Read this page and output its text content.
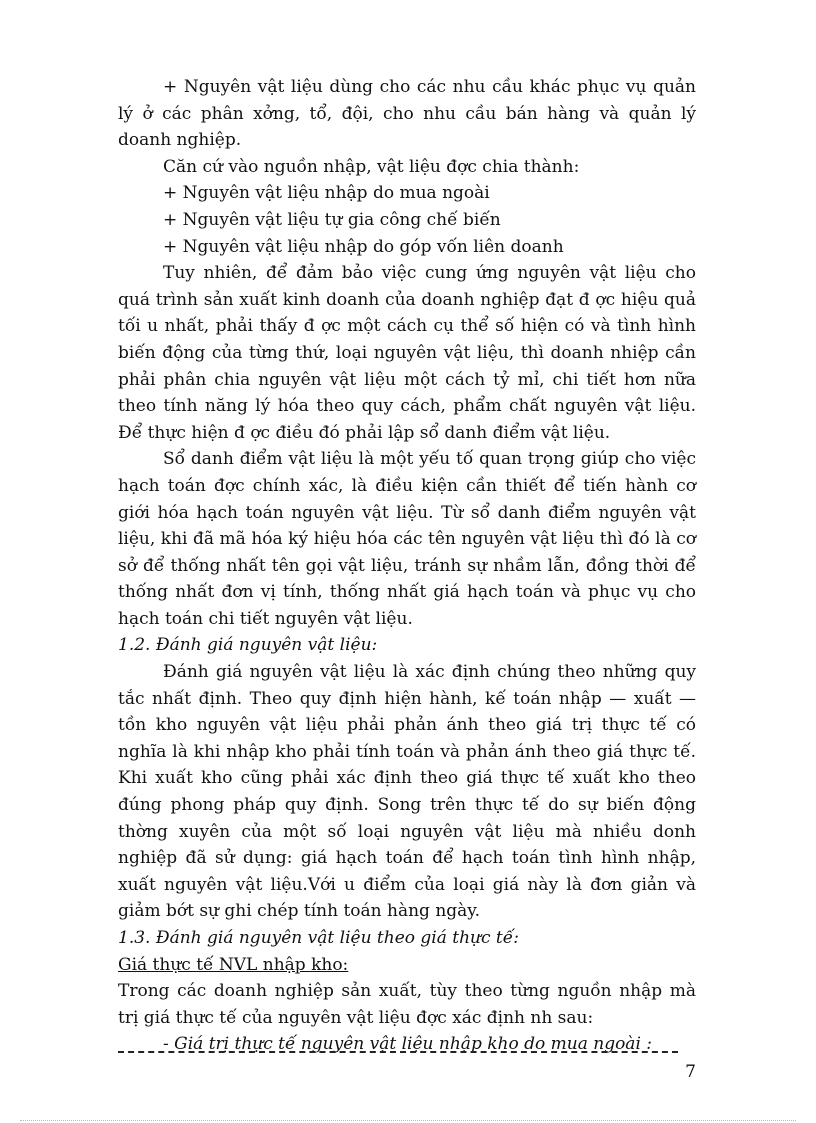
+ Nguyên vật liệu dùng cho các nhu cầu khác phục vụ quản lý ở các phân xởng, tổ, đội, cho nhu cầu bán hàng và quản lý doanh nghiệp.

Căn cứ vào nguồn nhập, vật liệu đợc chia thành:

+ Nguyên vật liệu nhập do mua ngoài

+ Nguyên vật liệu tự gia công chế biến

+ Nguyên vật liệu nhập do góp vốn liên doanh

Tuy nhiên, để đảm bảo việc cung ứng nguyên vật liệu cho quá trình sản xuất kinh doanh của doanh nghiệp đạt đ ợc hiệu quả tối u nhất, phải thấy đ ợc một cách cụ thể số hiện có và tình hình biến động của từng thứ, loại nguyên vật liệu, thì doanh nhiệp cần phải phân chia nguyên vật liệu một cách tỷ mỉ, chi tiết hơn nữa theo tính năng lý hóa theo quy cách, phẩm chất nguyên vật liệu. Để thực hiện đ ợc điều đó phải lập sổ danh điểm vật liệu.

Sổ danh điểm vật liệu là một yếu tố quan trọng giúp cho việc hạch toán đợc chính xác, là điều kiện cần thiết để tiến hành cơ giới hóa hạch toán nguyên vật liệu. Từ sổ danh điểm nguyên vật liệu, khi đã mã hóa ký hiệu hóa các tên nguyên vật liệu thì đó là cơ sở để thống nhất tên gọi vật liệu, tránh sự nhầm lẫn, đồng thời để thống nhất đơn vị tính, thống nhất giá hạch toán và phục vụ cho hạch toán chi tiết nguyên vật liệu.

1.2. Đánh giá nguyên vật liệu:

Đánh giá nguyên vật liệu là xác định chúng theo những quy tắc nhất định. Theo quy định hiện hành, kế toán nhập — xuất — tồn kho nguyên vật liệu phải phản ánh theo giá trị thực tế có nghĩa là khi nhập kho phải tính toán và phản ánh theo giá thực tế. Khi xuất kho cũng phải xác định theo giá thực tế xuất kho theo đúng phong pháp quy định. Song trên thực tế do sự biến động thờng xuyên của một số loại nguyên vật liệu mà nhiều donh nghiệp đã sử dụng: giá hạch toán để hạch toán tình hình nhập, xuất nguyên vật liệu.Với u điểm của loại giá này là đơn giản và giảm bớt sự ghi chép tính toán hàng ngày.

1.3. Đánh giá nguyên vật liệu theo giá thực tế:

Giá thực tế NVL nhập kho:

Trong các doanh nghiệp sản xuất, tùy theo từng nguồn nhập mà trị giá thực tế của nguyên vật liệu đợc xác định nh sau:

- Giá trị thực tế nguyên vật liệu nhập kho do mua ngoài :

7
